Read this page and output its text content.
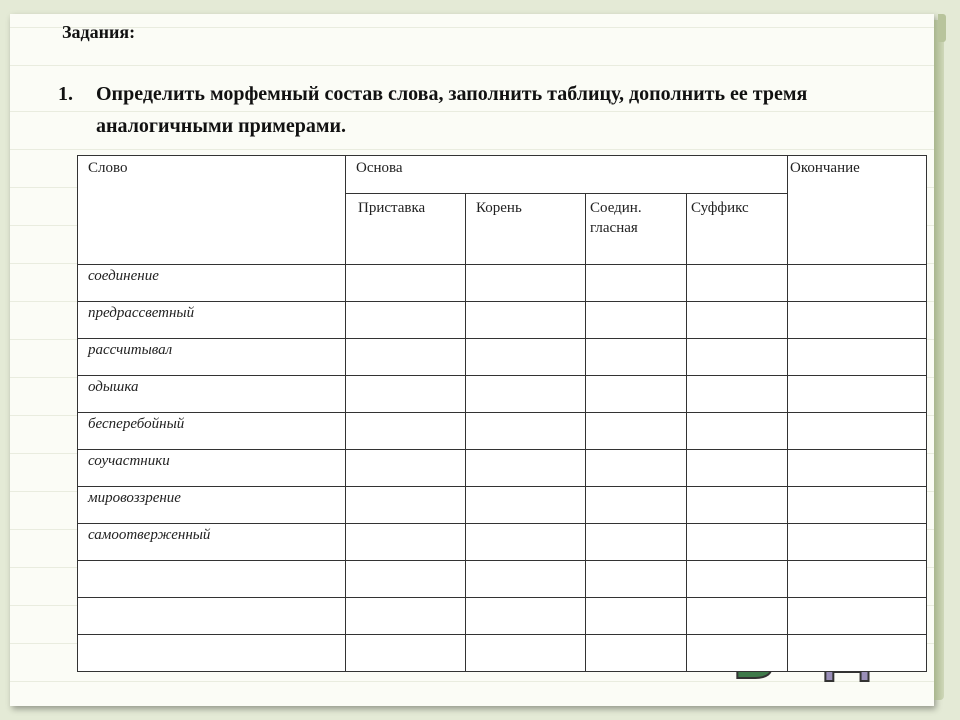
Задания:
1. Определить морфемный состав слова, заполнить таблицу, дополнить ее тремя аналогичными примерами.
Слово	Основа				Окончание
	Приставка	Корень	Соедин. гласная	Суффикс	
соединение					
предрассветный					
рассчитывал					
одышка					
бесперебойный					
соучастники					
мировоззрение					
самоотверженный					
